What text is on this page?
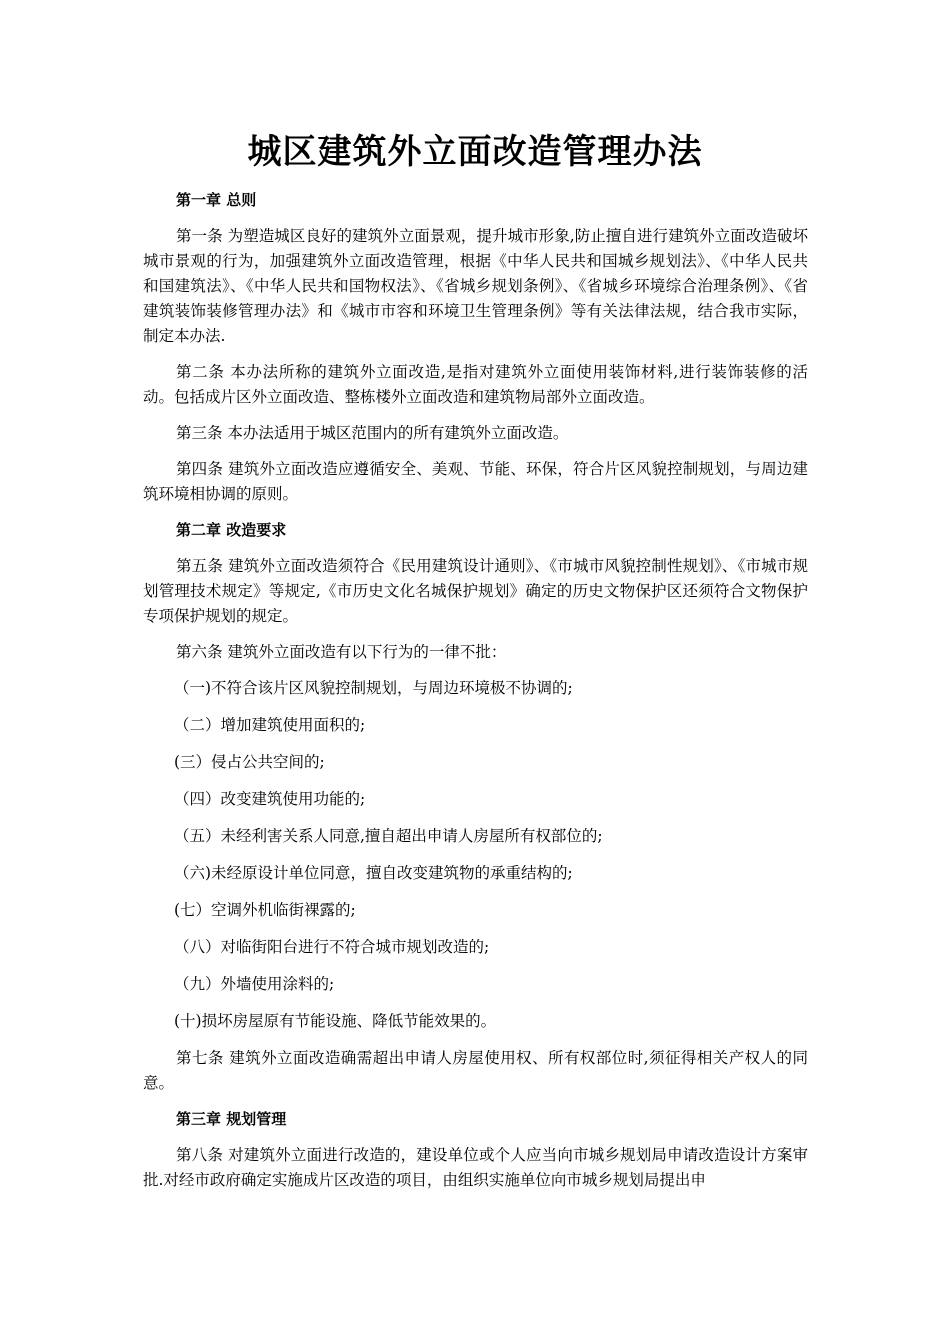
城区建筑外立面改造管理办法

第一章 总则

第一条 为塑造城区良好的建筑外立面景观，提升城市形象,防止擅自进行建筑外立面改造破坏城市景观的行为，加强建筑外立面改造管理，根据《中华人民共和国城乡规划法》、《中华人民共和国建筑法》、《中华人民共和国物权法》、《省城乡规划条例》、《省城乡环境综合治理条例》、《省建筑装饰装修管理办法》和《城市市容和环境卫生管理条例》等有关法律法规，结合我市实际，制定本办法.

第二条 本办法所称的建筑外立面改造,是指对建筑外立面使用装饰材料,进行装饰装修的活动。包括成片区外立面改造、整栋楼外立面改造和建筑物局部外立面改造。

第三条 本办法适用于城区范围内的所有建筑外立面改造。

第四条 建筑外立面改造应遵循安全、美观、节能、环保，符合片区风貌控制规划，与周边建筑环境相协调的原则。

第二章 改造要求

第五条 建筑外立面改造须符合《民用建筑设计通则》、《市城市风貌控制性规划》、《市城市规划管理技术规定》等规定,《市历史文化名城保护规划》确定的历史文物保护区还须符合文物保护专项保护规划的规定。

第六条 建筑外立面改造有以下行为的一律不批：

（一)不符合该片区风貌控制规划，与周边环境极不协调的;

（二）增加建筑使用面积的;

(三）侵占公共空间的;

（四）改变建筑使用功能的;

（五）未经利害关系人同意,擅自超出申请人房屋所有权部位的;

（六)未经原设计单位同意，擅自改变建筑物的承重结构的;

(七）空调外机临街裸露的;

（八）对临街阳台进行不符合城市规划改造的;

（九）外墙使用涂料的;

(十)损坏房屋原有节能设施、降低节能效果的。

第七条 建筑外立面改造确需超出申请人房屋使用权、所有权部位时,须征得相关产权人的同意。

第三章 规划管理

第八条 对建筑外立面进行改造的，建设单位或个人应当向市城乡规划局申请改造设计方案审批.对经市政府确定实施成片区改造的项目，由组织实施单位向市城乡规划局提出申
